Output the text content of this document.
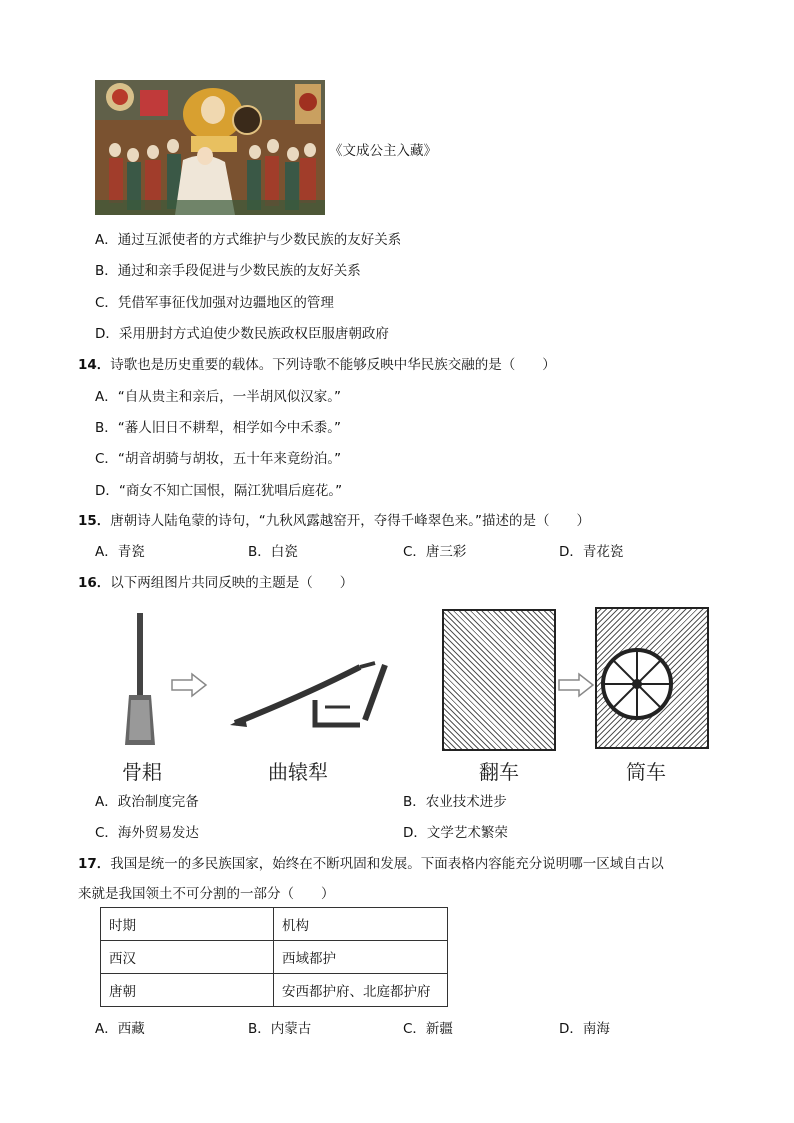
《文成公主入藏》
A．通过互派使者的方式维护与少数民族的友好关系
B．通过和亲手段促进与少数民族的友好关系
C．凭借军事征伐加强对边疆地区的管理
D．采用册封方式迫使少数民族政权臣服唐朝政府
14．诗歌也是历史重要的载体。下列诗歌不能够反映中华民族交融的是（　　）
A．“自从贵主和亲后，一半胡风似汉家。”
B．“蕃人旧日不耕犁，相学如今中禾黍。”
C．“胡音胡骑与胡妆，五十年来竟纷泊。”
D．“商女不知亡国恨，隔江犹唱后庭花。”
15．唐朝诗人陆龟蒙的诗句，“九秋风露越窑开，夺得千峰翠色来。”描述的是（　　）
A．青瓷	B．白瓷	C．唐三彩	D．青花瓷
16．以下两组图片共同反映的主题是（　　）
骨耜	曲辕犁	翻车	筒车
A．政治制度完备	B．农业技术进步
C．海外贸易发达	D．文学艺术繁荣
17．我国是统一的多民族国家，始终在不断巩固和发展。下面表格内容能充分说明哪一区域自古以
来就是我国领土不可分割的一部分（　　）
时期	机构
西汉	西域都护
唐朝	安西都护府、北庭都护府
A．西藏	B．内蒙古	C．新疆	D．南海
